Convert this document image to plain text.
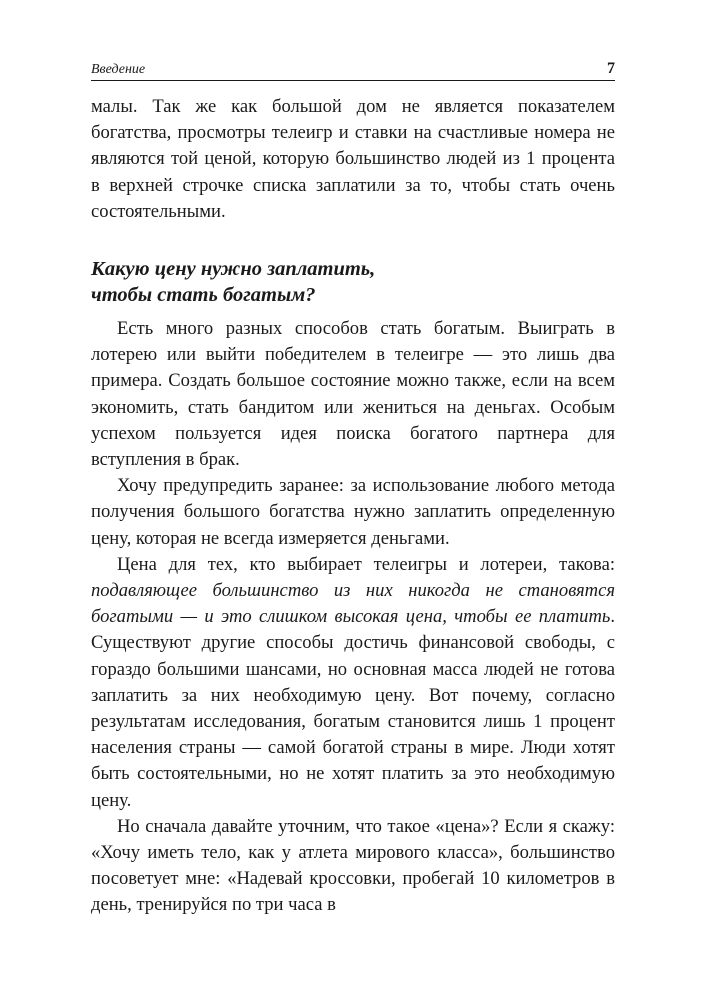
Введение	7

малы. Так же как большой дом не является показателем богатства, просмотры телеигр и ставки на счастливые номера не являются той ценой, которую большинство людей из 1 процента в верхней строчке списка заплатили за то, чтобы стать очень состоятельными.

Какую цену нужно заплатить,
чтобы стать богатым?

Есть много разных способов стать богатым. Выиграть в лотерею или выйти победителем в телеигре — это лишь два примера. Создать большое состояние можно также, если на всем экономить, стать бандитом или жениться на деньгах. Особым успехом пользуется идея поиска богатого партнера для вступления в брак.

Хочу предупредить заранее: за использование любого метода получения большого богатства нужно заплатить определенную цену, которая не всегда измеряется деньгами.

Цена для тех, кто выбирает телеигры и лотереи, такова: подавляющее большинство из них никогда не становятся богатыми — и это слишком высокая цена, чтобы ее платить. Существуют другие способы достичь финансовой свободы, с гораздо большими шансами, но основная масса людей не готова заплатить за них необходимую цену. Вот почему, согласно результатам исследования, богатым становится лишь 1 процент населения страны — самой богатой страны в мире. Люди хотят быть состоятельными, но не хотят платить за это необходимую цену.

Но сначала давайте уточним, что такое «цена»? Если я скажу: «Хочу иметь тело, как у атлета мирового класса», большинство посоветует мне: «Надевай кроссовки, пробегай 10 километров в день, тренируйся по три часа в
